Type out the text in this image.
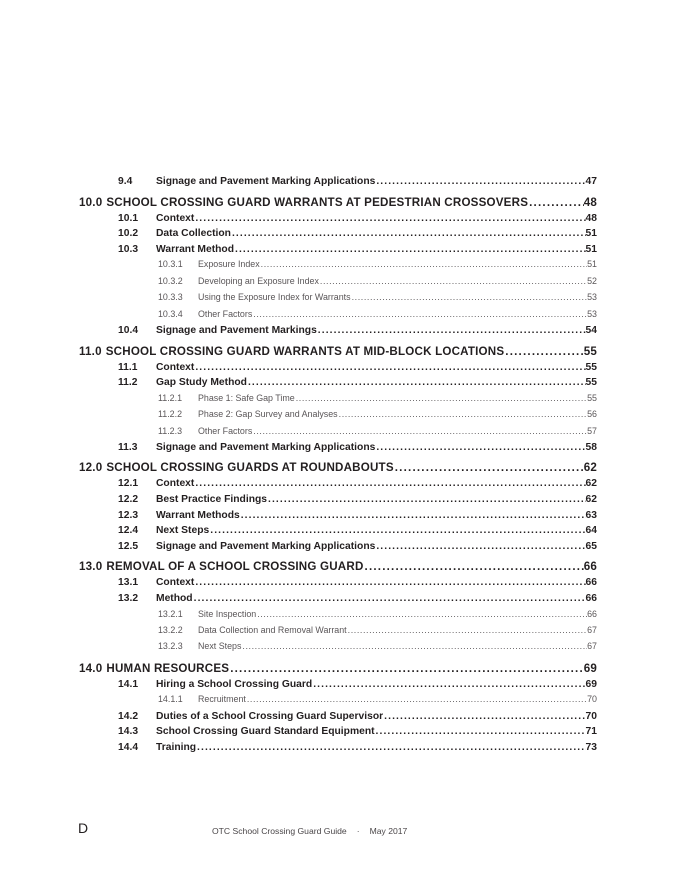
9.4	Signage and Pavement Marking Applications .....	47
10.0 SCHOOL CROSSING GUARD WARRANTS AT PEDESTRIAN CROSSOVERS .....	48
10.1	Context .....	48
10.2	Data Collection .....	51
10.3	Warrant Method .....	51
10.3.1	Exposure Index .....	51
10.3.2	Developing an Exposure Index .....	52
10.3.3	Using the Exposure Index for Warrants .....	53
10.3.4	Other Factors .....	53
10.4	Signage and Pavement Markings .....	54
11.0 SCHOOL CROSSING GUARD WARRANTS AT MID-BLOCK LOCATIONS .....	55
11.1	Context .....	55
11.2	Gap Study Method .....	55
11.2.1	Phase 1: Safe Gap Time .....	55
11.2.2	Phase 2: Gap Survey and Analyses .....	56
11.2.3	Other Factors .....	57
11.3	Signage and Pavement Marking Applications .....	58
12.0 SCHOOL CROSSING GUARDS AT ROUNDABOUTS .....	62
12.1	Context .....	62
12.2	Best Practice Findings .....	62
12.3	Warrant Methods .....	63
12.4	Next Steps .....	64
12.5	Signage and Pavement Marking Applications .....	65
13.0 REMOVAL OF A SCHOOL CROSSING GUARD .....	66
13.1	Context .....	66
13.2	Method .....	66
13.2.1	Site Inspection .....	66
13.2.2	Data Collection and Removal Warrant .....	67
13.2.3	Next Steps .....	67
14.0 HUMAN RESOURCES .....	69
14.1	Hiring a School Crossing Guard .....	69
14.1.1	Recruitment .....	70
14.2	Duties of a School Crossing Guard Supervisor .....	70
14.3	School Crossing Guard Standard Equipment .....	71
14.4	Training .....	73
D	OTC School Crossing Guard Guide · May 2017
